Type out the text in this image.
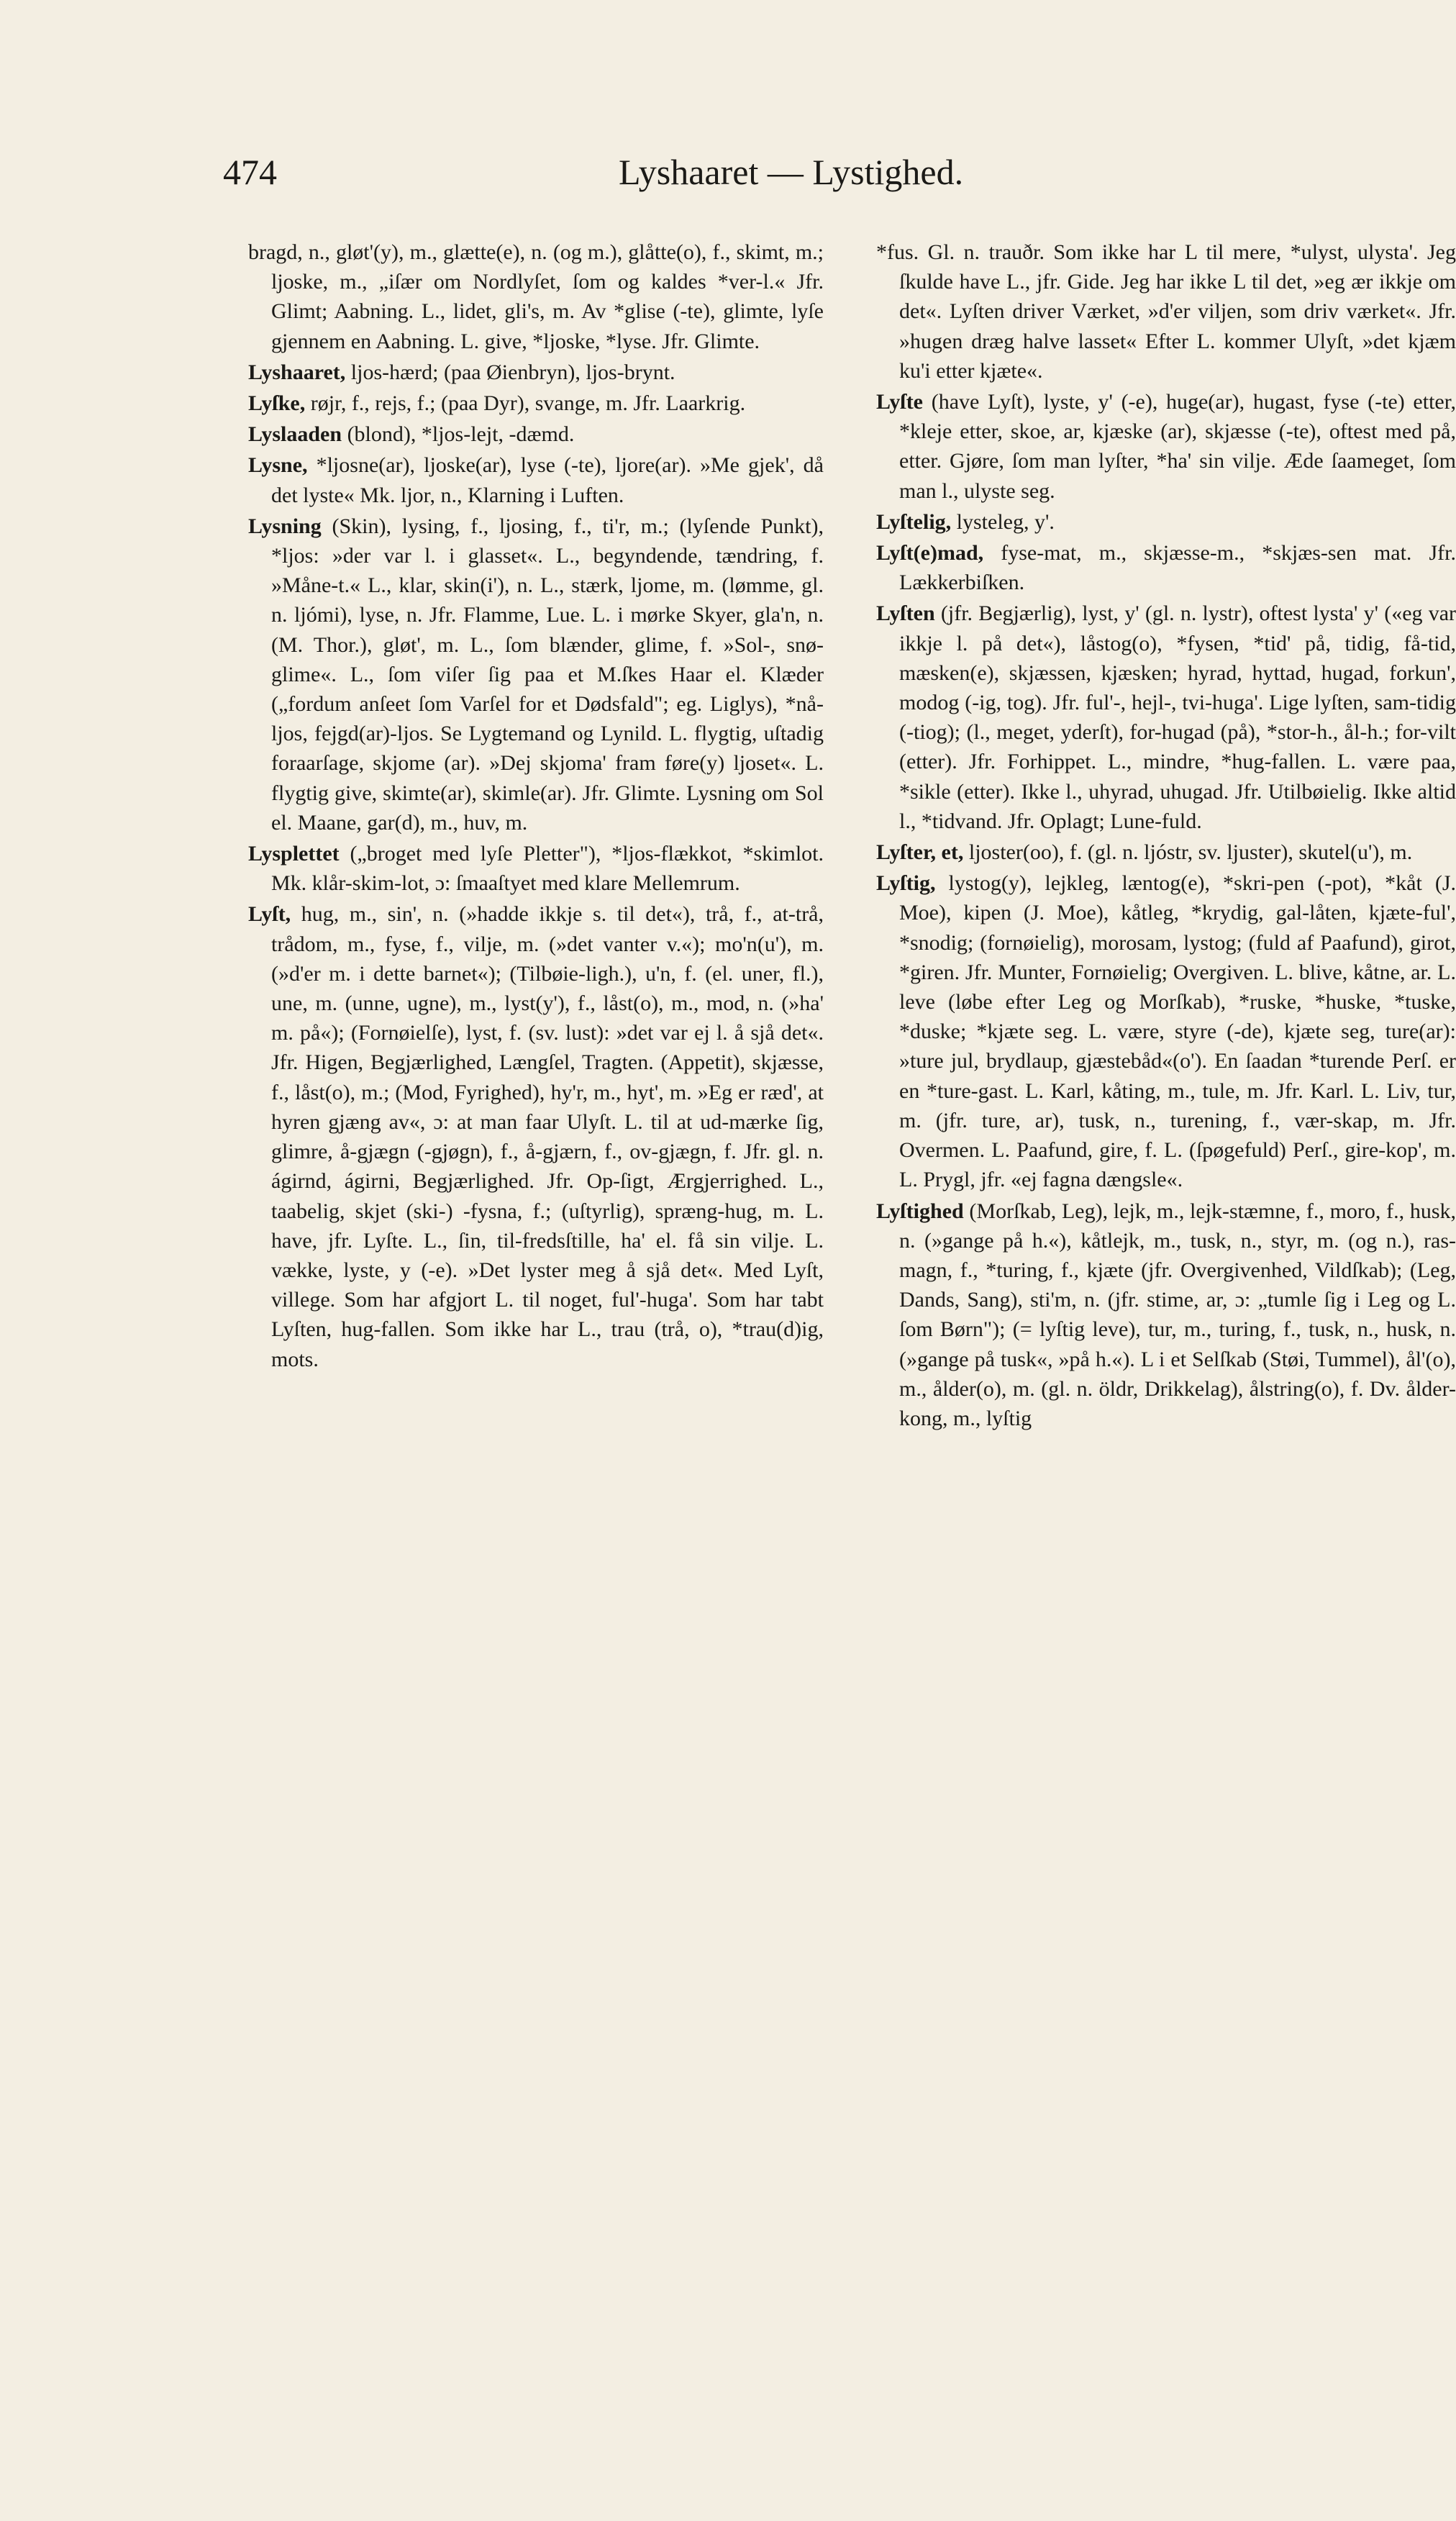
474	Lyshaaret — Lystighed.

bragd, n., gløt'(y), m., glætte(e), n. (og m.), glåtte(o), f., skimt, m.; ljoske, m., „iſær om Nordlyſet, ſom og kaldes *ver-l.« Jfr. Glimt; Aabning. L., lidet, gli's, m. Av *glise (-te), glimte, lyſe gjennem en Aabning. L. give, *ljoske, *lyse. Jfr. Glimte.

Lyshaaret, ljos-hærd; (paa Øienbryn), ljos-brynt.

Lyſke, røjr, f., rejs, f.; (paa Dyr), svange, m. Jfr. Laarkrig.

Lyslaaden (blond), *ljos-lejt, -dæmd.

Lysne, *ljosne(ar), ljoske(ar), lyse (-te), ljore(ar). »Me gjek', då det lyste« Mk. ljor, n., Klarning i Luften.

Lysning (Skin), lysing, f., ljosing, f., ti'r, m.; (lyſende Punkt), *ljos: »der var l. i glasset«. L., begyndende, tændring, f. »Måne-t.« L., klar, skin(i'), n. L., stærk, ljome, m. (lømme, gl. n. ljómi), lyse, n. Jfr. Flamme, Lue. L. i mørke Skyer, gla'n, n. (M. Thor.), gløt', m. L., ſom blænder, glime, f. »Sol-, snø-glime«. L., ſom viſer ſig paa et M.ſkes Haar el. Klæder („fordum anſeet ſom Varſel for et Dødsfald"; eg. Liglys), *nå-ljos, fejgd(ar)-ljos. Se Lygtemand og Lynild. L. flygtig, uſtadig foraarſage, skjome (ar). »Dej skjoma' fram føre(y) ljoset«. L. flygtig give, skimte(ar), skimle(ar). Jfr. Glimte. Lysning om Sol el. Maane, gar(d), m., huv, m.

Lysplettet („broget med lyſe Pletter"), *ljos-flækkot, *skimlot. Mk. klår-skim-lot, ɔ: ſmaaſtyet med klare Mellemrum.

Lyſt, hug, m., sin', n. (»hadde ikkje s. til det«), trå, f., at-trå, trådom, m., fyse, f., vilje, m. (»det vanter v.«); mo'n(u'), m. (»d'er m. i dette barnet«); (Tilbøie-ligh.), u'n, f. (el. uner, fl.), une, m. (unne, ugne), m., lyst(y'), f., låst(o), m., mod, n. (»ha' m. på«); (Fornøielſe), lyst, f. (sv. lust): »det var ej l. å sjå det«. Jfr. Higen, Begjærlighed, Længſel, Tragten. (Appetit), skjæsse, f., låst(o), m.; (Mod, Fyrighed), hy'r, m., hyt', m. »Eg er ræd', at hyren gjæng av«, ɔ: at man faar Ulyſt. L. til at ud-mærke ſig, glimre, å-gjægn (-gjøgn), f., å-gjærn, f., ov-gjægn, f. Jfr. gl. n. ágirnd, ágirni, Begjærlighed. Jfr. Op-ſigt, Ærgjerrighed. L., taabelig, skjet (ski-) -fysna, f.; (uſtyrlig), spræng-hug, m. L. have, jfr. Lyſte. L., ſin, til-fredsſtille, ha' el. få sin vilje. L. vække, lyste, y (-e). »Det lyster meg å sjå det«. Med Lyſt, villege. Som har afgjort L. til noget, ful'-huga'. Som har tabt Lyſten, hug-fallen. Som ikke har L., trau (trå, o), *trau(d)ig, mots.

*fus. Gl. n. trauðr. Som ikke har L til mere, *ulyst, ulysta'. Jeg ſkulde have L., jfr. Gide. Jeg har ikke L til det, »eg ær ikkje om det«. Lyſten driver Værket, »d'er viljen, som driv værket«. Jfr. »hugen dræg halve lasset« Efter L. kommer Ulyſt, »det kjæm ku'i etter kjæte«.

Lyſte (have Lyſt), lyste, y' (-e), huge(ar), hugast, fyse (-te) etter, *kleje etter, skoe, ar, kjæske (ar), skjæsse (-te), oftest med på, etter. Gjøre, ſom man lyſter, *ha' sin vilje. Æde ſaameget, ſom man l., ulyste seg.

Lyſtelig, lysteleg, y'.

Lyſt(e)mad, fyse-mat, m., skjæsse-m., *skjæs-sen mat. Jfr. Lækkerbiſken.

Lyſten (jfr. Begjærlig), lyst, y' (gl. n. lystr), oftest lysta' y' («eg var ikkje l. på det«), låstog(o), *fysen, *tid' på, tidig, få-tid, mæsken(e), skjæssen, kjæsken; hyrad, hyttad, hugad, forkun', modog (-ig, tog). Jfr. ful'-, hejl-, tvi-huga'. Lige lyſten, sam-tidig (-tiog); (l., meget, yderſt), for-hugad (på), *stor-h., ål-h.; for-vilt (etter). Jfr. Forhippet. L., mindre, *hug-fallen. L. være paa, *sikle (etter). Ikke l., uhyrad, uhugad. Jfr. Utilbøielig. Ikke altid l., *tidvand. Jfr. Oplagt; Lune-fuld.

Lyſter, et, ljoster(oo), f. (gl. n. ljóstr, sv. ljuster), skutel(u'), m.

Lyſtig, lystog(y), lejkleg, læntog(e), *skri-pen (-pot), *kåt (J. Moe), kipen (J. Moe), kåtleg, *krydig, gal-låten, kjæte-ful', *snodig; (fornøielig), morosam, lystog; (fuld af Paafund), girot, *giren. Jfr. Munter, Fornøielig; Overgiven. L. blive, kåtne, ar. L. leve (løbe efter Leg og Morſkab), *ruske, *huske, *tuske, *duske; *kjæte seg. L. være, styre (-de), kjæte seg, ture(ar): »ture jul, brydlaup, gjæstebåd«(o'). En ſaadan *turende Perſ. er en *ture-gast. L. Karl, kåting, m., tule, m. Jfr. Karl. L. Liv, tur, m. (jfr. ture, ar), tusk, n., turening, f., vær-skap, m. Jfr. Overmen. L. Paafund, gire, f. L. (ſpøgefuld) Perſ., gire-kop', m. L. Prygl, jfr. «ej fagna dængsle«.

Lyſtighed (Morſkab, Leg), lejk, m., lejk-stæmne, f., moro, f., husk, n. (»gange på h.«), kåtlejk, m., tusk, n., styr, m. (og n.), ras-magn, f., *turing, f., kjæte (jfr. Overgivenhed, Vildſkab); (Leg, Dands, Sang), sti'm, n. (jfr. stime, ar, ɔ: „tumle ſig i Leg og L. ſom Børn"); (= lyſtig leve), tur, m., turing, f., tusk, n., husk, n. (»gange på tusk«, »på h.«). L i et Selſkab (Støi, Tummel), ål'(o), m., ålder(o), m. (gl. n. öldr, Drikkelag), ålstring(o), f. Dv. ålder-kong, m., lyſtig
